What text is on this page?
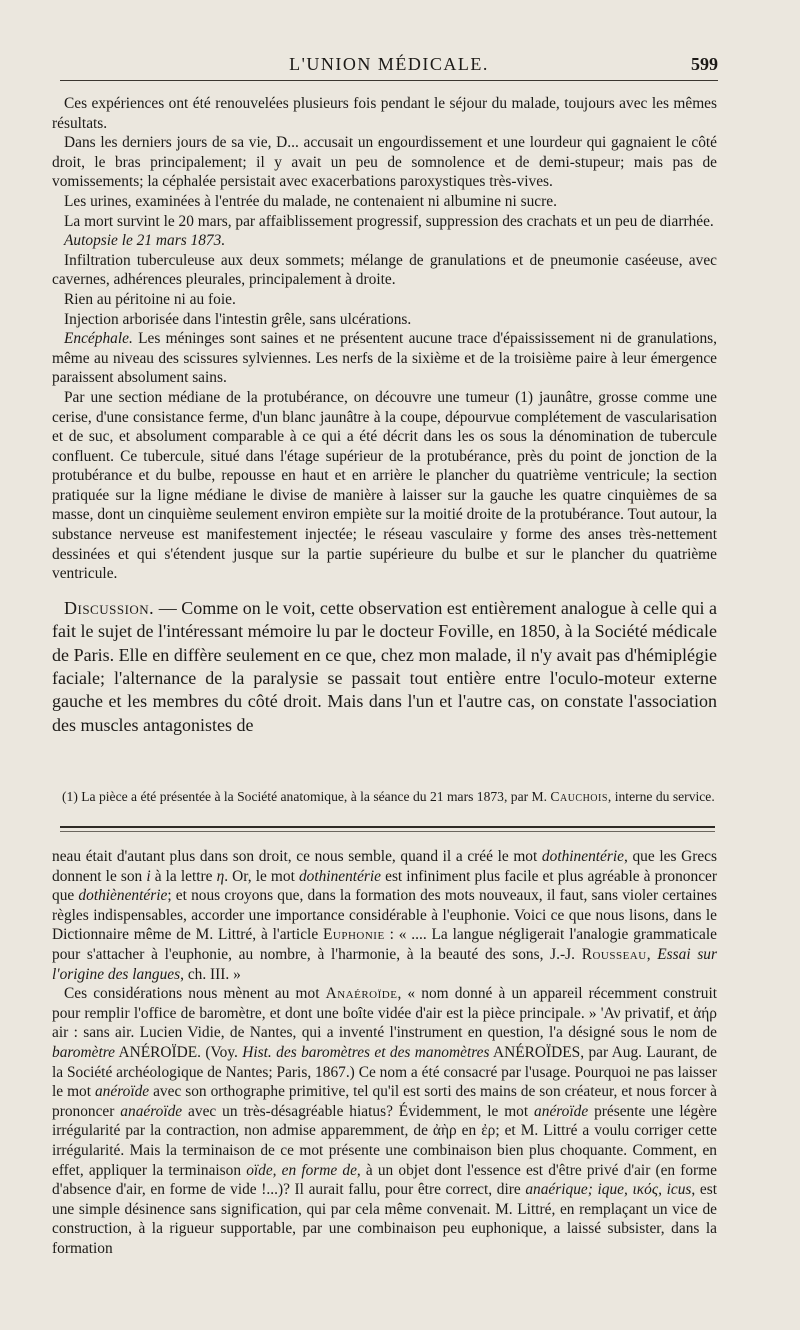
L'UNION MÉDICALE.	599

Ces expériences ont été renouvelées plusieurs fois pendant le séjour du malade, toujours avec les mêmes résultats.

Dans les derniers jours de sa vie, D... accusait un engourdissement et une lourdeur qui gagnaient le côté droit, le bras principalement; il y avait un peu de somnolence et de demi-stupeur; mais pas de vomissements; la céphalée persistait avec exacerbations paroxystiques très-vives.

Les urines, examinées à l'entrée du malade, ne contenaient ni albumine ni sucre.

La mort survint le 20 mars, par affaiblissement progressif, suppression des crachats et un peu de diarrhée.

Autopsie le 21 mars 1873.

Infiltration tuberculeuse aux deux sommets; mélange de granulations et de pneumonie caséeuse, avec cavernes, adhérences pleurales, principalement à droite.

Rien au péritoine ni au foie.

Injection arborisée dans l'intestin grêle, sans ulcérations.

Encéphale. Les méninges sont saines et ne présentent aucune trace d'épaississement ni de granulations, même au niveau des scissures sylviennes. Les nerfs de la sixième et de la troisième paire à leur émergence paraissent absolument sains.

Par une section médiane de la protubérance, on découvre une tumeur (1) jaunâtre, grosse comme une cerise, d'une consistance ferme, d'un blanc jaunâtre à la coupe, dépourvue complétement de vascularisation et de suc, et absolument comparable à ce qui a été décrit dans les os sous la dénomination de tubercule confluent. Ce tubercule, situé dans l'étage supérieur de la protubérance, près du point de jonction de la protubérance et du bulbe, repousse en haut et en arrière le plancher du quatrième ventricule; la section pratiquée sur la ligne médiane le divise de manière à laisser sur la gauche les quatre cinquièmes de sa masse, dont un cinquième seulement environ empiète sur la moitié droite de la protubérance. Tout autour, la substance nerveuse est manifestement injectée; le réseau vasculaire y forme des anses très-nettement dessinées et qui s'étendent jusque sur la partie supérieure du bulbe et sur le plancher du quatrième ventricule.

Discussion. — Comme on le voit, cette observation est entièrement analogue à celle qui a fait le sujet de l'intéressant mémoire lu par le docteur Foville, en 1850, à la Société médicale de Paris. Elle en diffère seulement en ce que, chez mon malade, il n'y avait pas d'hémiplégie faciale; l'alternance de la paralysie se passait tout entière entre l'oculo-moteur externe gauche et les membres du côté droit. Mais dans l'un et l'autre cas, on constate l'association des muscles antagonistes de

(1) La pièce a été présentée à la Société anatomique, à la séance du 21 mars 1873, par M. Cauchois, interne du service.

neau était d'autant plus dans son droit, ce nous semble, quand il a créé le mot dothinentérie, que les Grecs donnent le son i à la lettre η. Or, le mot dothinentérie est infiniment plus facile et plus agréable à prononcer que dothiènentérie; et nous croyons que, dans la formation des mots nouveaux, il faut, sans violer certaines règles indispensables, accorder une importance considérable à l'euphonie. Voici ce que nous lisons, dans le Dictionnaire même de M. Littré, à l'article Euphonie : « .... La langue négligerait l'analogie grammaticale pour s'attacher à l'euphonie, au nombre, à l'harmonie, à la beauté des sons, J.-J. Rousseau, Essai sur l'origine des langues, ch. III. »

Ces considérations nous mènent au mot Anaéroïde, « nom donné à un appareil récemment construit pour remplir l'office de baromètre, et dont une boîte vidée d'air est la pièce principale. » 'Αν privatif, et ἀήρ air : sans air. Lucien Vidie, de Nantes, qui a inventé l'instrument en question, l'a désigné sous le nom de baromètre ANÉROÏDE. (Voy. Hist. des baromètres et des manomètres ANÉROÏDES, par Aug. Laurant, de la Société archéologique de Nantes; Paris, 1867.) Ce nom a été consacré par l'usage. Pourquoi ne pas laisser le mot anéroïde avec son orthographe primitive, tel qu'il est sorti des mains de son créateur, et nous forcer à prononcer anaéroïde avec un très-désagréable hiatus? Évidemment, le mot anéroïde présente une légère irrégularité par la contraction, non admise apparemment, de ἀὴρ en ἐρ; et M. Littré a voulu corriger cette irrégularité. Mais la terminaison de ce mot présente une combinaison bien plus choquante. Comment, en effet, appliquer la terminaison oïde, en forme de, à un objet dont l'essence est d'être privé d'air (en forme d'absence d'air, en forme de vide !...)? Il aurait fallu, pour être correct, dire anaérique; ique, ικός, icus, est une simple désinence sans signification, qui par cela même convenait. M. Littré, en remplaçant un vice de construction, à la rigueur supportable, par une combinaison peu euphonique, a laissé subsister, dans la formation
